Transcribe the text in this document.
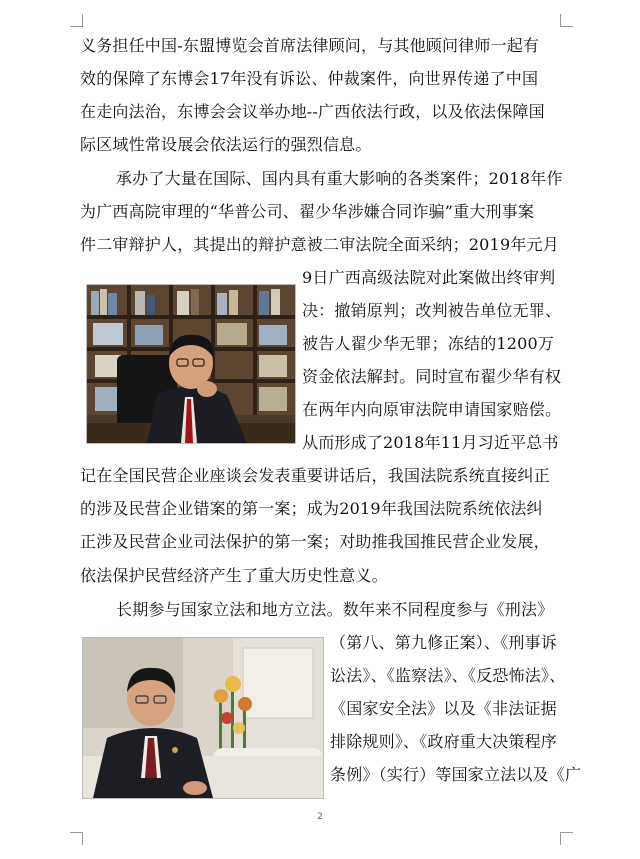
义务担任中国-东盟博览会首席法律顾问，与其他顾问律师一起有
效的保障了东博会17年没有诉讼、仲裁案件，向世界传递了中国
在走向法治，东博会会议举办地--广西依法行政，以及依法保障国
际区域性常设展会依法运行的强烈信息。
承办了大量在国际、国内具有重大影响的各类案件；2018年作
为广西高院审理的“华普公司、翟少华涉嫌合同诈骗”重大刑事案
件二审辩护人，其提出的辩护意被二审法院全面采纳；2019年元月
9日广西高级法院对此案做出终审判
决：撤销原判；改判被告单位无罪、
被告人翟少华无罪；冻结的1200万
资金依法解封。同时宣布翟少华有权
在两年内向原审法院申请国家赔偿。
从而形成了2018年11月习近平总书
记在全国民营企业座谈会发表重要讲话后，我国法院系统直接纠正
的涉及民营企业错案的第一案；成为2019年我国法院系统依法纠
正涉及民营企业司法保护的第一案；对助推我国推民营企业发展，
依法保护民营经济产生了重大历史性意义。
长期参与国家立法和地方立法。数年来不同程度参与《刑法》
（第八、第九修正案）、《刑事诉
讼法》、《监察法》、《反恐怖法》、
《国家安全法》以及《非法证据
排除规则》、《政府重大决策程序
条例》（实行）等国家立法以及《广
2
